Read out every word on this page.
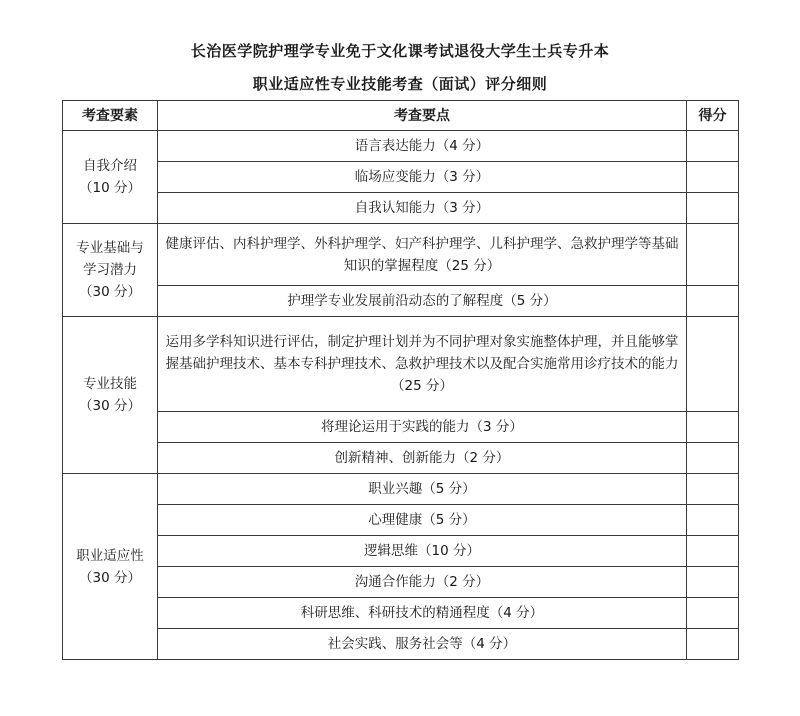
长治医学院护理学专业免于文化课考试退役大学生士兵专升本
职业适应性专业技能考查（面试）评分细则
考查要素	考查要点	得分

自我介绍
（10 分）	语言表达能力（4 分）	
	临场应变能力（3 分）	
	自我认知能力（3 分）	

专业基础与
学习潜力
（30 分）	健康评估、内科护理学、外科护理学、妇产科护理学、儿科护理学、急救护理学等基础知识的掌握程度（25 分）	
	护理学专业发展前沿动态的了解程度（5 分）	

专业技能
（30 分）	运用多学科知识进行评估，制定护理计划并为不同护理对象实施整体护理，并且能够掌握基础护理技术、基本专科护理技术、急救护理技术以及配合实施常用诊疗技术的能力（25 分）	
	将理论运用于实践的能力（3 分）	
	创新精神、创新能力（2 分）	

职业适应性
（30 分）	职业兴趣（5 分）	
	心理健康（5 分）	
	逻辑思维（10 分）	
	沟通合作能力（2 分）	
	科研思维、科研技术的精通程度（4 分）	
	社会实践、服务社会等（4 分）	
